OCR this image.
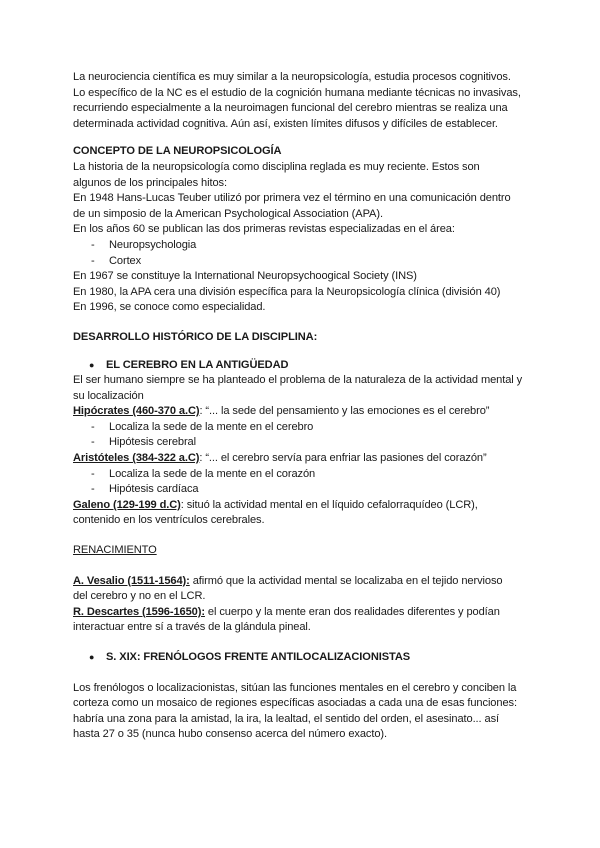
La neurociencia científica es muy similar a la neuropsicología, estudia procesos cognitivos.

Lo específico de la NC es el estudio de la cognición humana mediante técnicas no invasivas,

recurriendo especialmente a la neuroimagen funcional del cerebro mientras se realiza una

determinada actividad cognitiva. Aún así, existen límites difusos y difíciles de establecer.

CONCEPTO DE LA NEUROPSICOLOGÍA

La historia de la neuropsicología como disciplina reglada es muy reciente. Estos son

algunos de los principales hitos:

En 1948 Hans-Lucas Teuber utilizó por primera vez el término en una comunicación dentro

de un simposio de la American Psychological Association (APA).

En los años 60 se publican las dos primeras revistas especializadas en el área:

-	Neuropsychologia
-	Cortex

En 1967 se constituye la International Neuropsychoogical Society (INS)

En 1980, la APA cera una división específica para la Neuropsicología clínica (división 40)

En 1996, se conoce como especialidad.

DESARROLLO HISTÓRICO DE LA DISCIPLINA:

●	EL CEREBRO EN LA ANTIGÜEDAD

El ser humano siempre se ha planteado el problema de la naturaleza de la actividad mental y

su localización

Hipócrates (460-370 a.C): “... la sede del pensamiento y las emociones es el cerebro”

-	Localiza la sede de la mente en el cerebro
-	Hipótesis cerebral

Aristóteles (384-322 a.C): “... el cerebro servía para enfriar las pasiones del corazón”

-	Localiza la sede de la mente en el corazón
-	Hipótesis cardíaca

Galeno (129-199 d.C): situó la actividad mental en el líquido cefalorraquídeo (LCR),

contenido en los ventrículos cerebrales.

RENACIMIENTO

A. Vesalio (1511-1564): afirmó que la actividad mental se localizaba en el tejido nervioso

del cerebro y no en el LCR.

R. Descartes (1596-1650): el cuerpo y la mente eran dos realidades diferentes y podían

interactuar entre sí a través de la glándula pineal.

●	S. XIX: FRENÓLOGOS FRENTE ANTILOCALIZACIONISTAS

Los frenólogos o localizacionistas, sitúan las funciones mentales en el cerebro y conciben la

corteza como un mosaico de regiones específicas asociadas a cada una de esas funciones:

habría una zona para la amistad, la ira, la lealtad, el sentido del orden, el asesinato... así

hasta 27 o 35 (nunca hubo consenso acerca del número exacto).
